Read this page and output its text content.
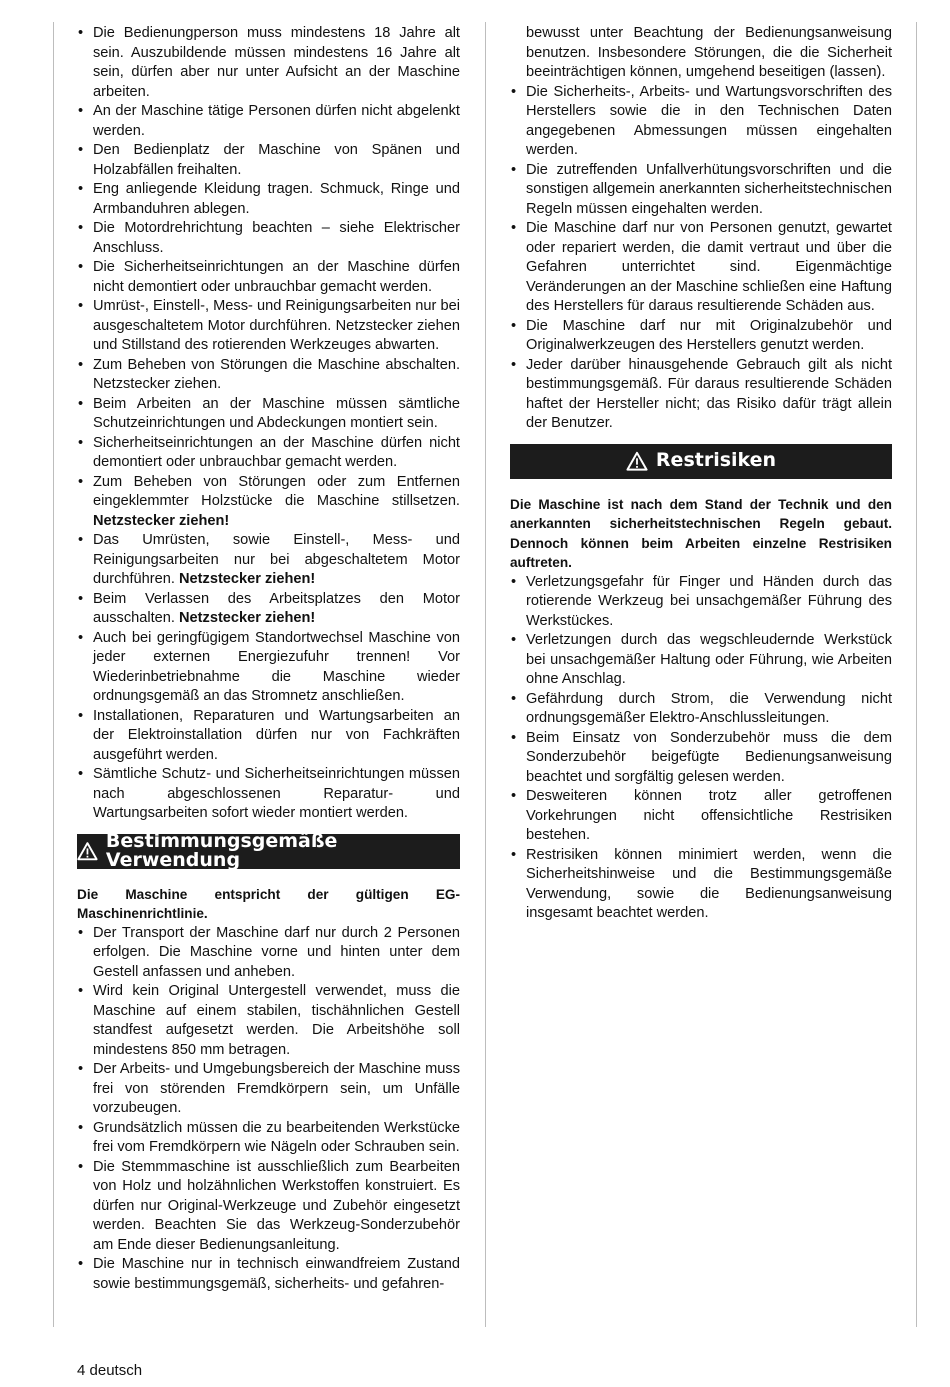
• Die Bedienungperson muss mindestens 18 Jahre alt sein. Auszubildende müssen mindestens 16 Jahre alt sein, dürfen aber nur unter Aufsicht an der Maschine arbeiten.
• An der Maschine tätige Personen dürfen nicht abgelenkt werden.
• Den Bedienplatz der Maschine von Spänen und Holzabfällen freihalten.
• Eng anliegende Kleidung tragen. Schmuck, Ringe und Armbanduhren ablegen.
• Die Motordrehrichtung beachten – siehe Elektrischer Anschluss.
• Die Sicherheitseinrichtungen an der Maschine dürfen nicht demontiert oder unbrauchbar gemacht werden.
• Umrüst-, Einstell-, Mess- und Reinigungsarbeiten nur bei ausgeschaltetem Motor durchführen. Netzstecker ziehen und Stillstand des rotierenden Werkzeuges abwarten.
• Zum Beheben von Störungen die Maschine abschalten. Netzstecker ziehen.
• Beim Arbeiten an der Maschine müssen sämtliche Schutzeinrichtungen und Abdeckungen montiert sein.
• Sicherheitseinrichtungen an der Maschine dürfen nicht demontiert oder unbrauchbar gemacht werden.
• Zum Beheben von Störungen oder zum Entfernen eingeklemmter Holzstücke die Maschine stillsetzen. Netzstecker ziehen!
• Das Umrüsten, sowie Einstell-, Mess- und Reinigungsarbeiten nur bei abgeschaltetem Motor durchführen. Netzstecker ziehen!
• Beim Verlassen des Arbeitsplatzes den Motor ausschalten. Netzstecker ziehen!
• Auch bei geringfügigem Standortwechsel Maschine von jeder externen Energiezufuhr trennen! Vor Wiederinbetriebnahme die Maschine wieder ordnungsgemäß an das Stromnetz anschließen.
• Installationen, Reparaturen und Wartungsarbeiten an der Elektroinstallation dürfen nur von Fachkräften ausgeführt werden.
• Sämtliche Schutz- und Sicherheitseinrichtungen müssen nach abgeschlossenen Reparatur- und Wartungsarbeiten sofort wieder montiert werden.
Bestimmungsgemäße Verwendung

Die Maschine entspricht der gültigen EG-Maschinenrichtlinie.

• Der Transport der Maschine darf nur durch 2 Personen erfolgen. Die Maschine vorne und hinten unter dem Gestell anfassen und anheben.
• Wird kein Original Untergestell verwendet, muss die Maschine auf einem stabilen, tischähnlichen Gestell standfest aufgesetzt werden. Die Arbeitshöhe soll mindestens 850 mm betragen.
• Der Arbeits- und Umgebungsbereich der Maschine muss frei von störenden Fremdkörpern sein, um Unfälle vorzubeugen.
• Grundsätzlich müssen die zu bearbeitenden Werkstücke frei vom Fremdkörpern wie Nägeln oder Schrauben sein.
• Die Stemmmaschine ist ausschließlich zum Bearbeiten von Holz und holzähnlichen Werkstoffen konstruiert. Es dürfen nur Original-Werkzeuge und Zubehör eingesetzt werden. Beachten Sie das Werkzeug-Sonderzubehör am Ende dieser Bedienungsanleitung.
• Die Maschine nur in technisch einwandfreiem Zustand sowie bestimmungsgemäß, sicherheits- und gefahren-
bewusst unter Beachtung der Bedienungsanweisung benutzen. Insbesondere Störungen, die die Sicherheit beeinträchtigen können, umgehend beseitigen (lassen).
• Die Sicherheits-, Arbeits- und Wartungsvorschriften des Herstellers sowie die in den Technischen Daten angegebenen Abmessungen müssen eingehalten werden.
• Die zutreffenden Unfallverhütungsvorschriften und die sonstigen allgemein anerkannten sicherheitstechnischen Regeln müssen eingehalten werden.
• Die Maschine darf nur von Personen genutzt, gewartet oder repariert werden, die damit vertraut und über die Gefahren unterrichtet sind. Eigenmächtige Veränderungen an der Maschine schließen eine Haftung des Herstellers für daraus resultierende Schäden aus.
• Die Maschine darf nur mit Originalzubehör und Originalwerkzeugen des Herstellers genutzt werden.
• Jeder darüber hinausgehende Gebrauch gilt als nicht bestimmungsgemäß. Für daraus resultierende Schäden haftet der Hersteller nicht; das Risiko dafür trägt allein der Benutzer.
Restrisiken

Die Maschine ist nach dem Stand der Technik und den anerkannten sicherheitstechnischen Regeln gebaut. Dennoch können beim Arbeiten einzelne Restrisiken auftreten.

• Verletzungsgefahr für Finger und Händen durch das rotierende Werkzeug bei unsachgemäßer Führung des Werkstückes.
• Verletzungen durch das wegschleudernde Werkstück bei unsachgemäßer Haltung oder Führung, wie Arbeiten ohne Anschlag.
• Gefährdung durch Strom, die Verwendung nicht ordnungsgemäßer Elektro-Anschlussleitungen.
• Beim Einsatz von Sonderzubehör muss die dem Sonderzubehör beigefügte Bedienungsanweisung beachtet und sorgfältig gelesen werden.
• Desweiteren können trotz aller getroffenen Vorkehrungen nicht offensichtliche Restrisiken bestehen.
• Restrisiken können minimiert werden, wenn die Sicherheitshinweise und die Bestimmungsgemäße Verwendung, sowie die Bedienungsanweisung insgesamt beachtet werden.
4 deutsch
